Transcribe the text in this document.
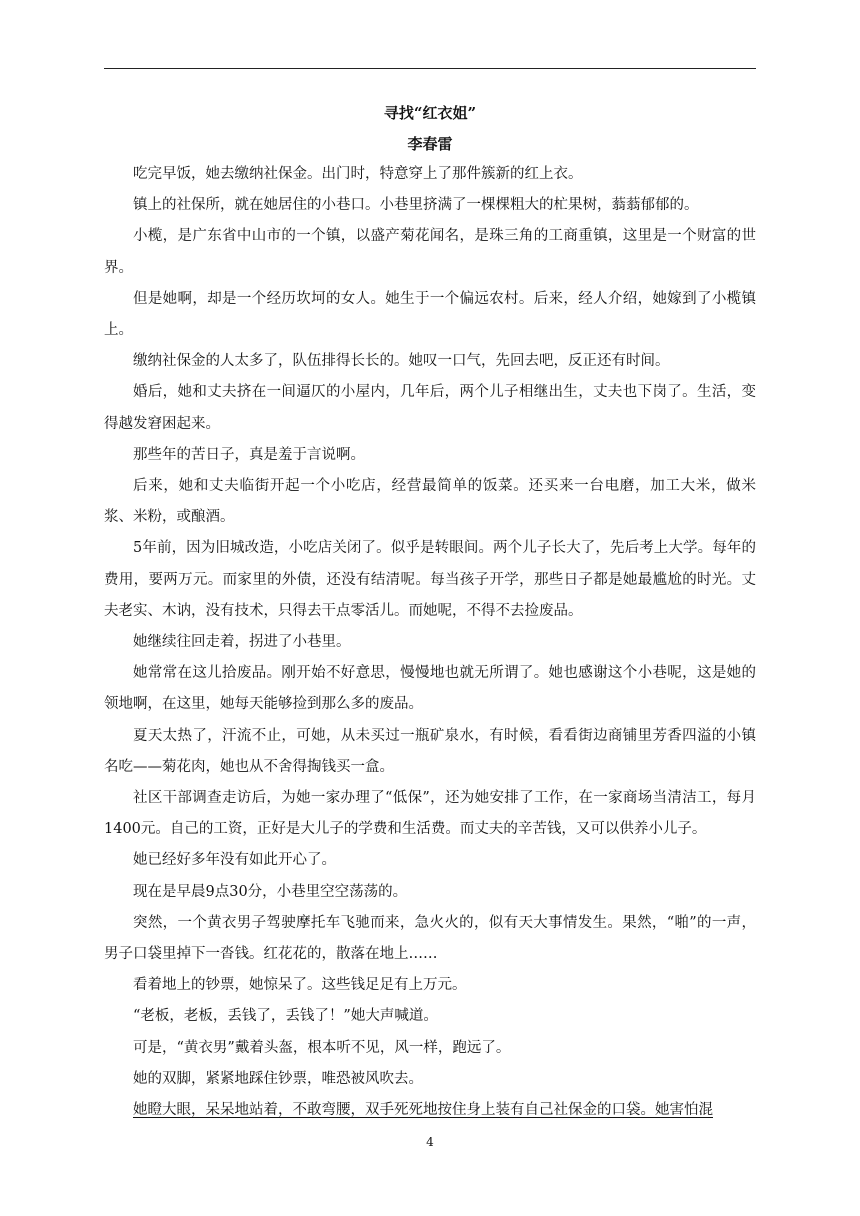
寻找“红衣姐”
李春雷

吃完早饭，她去缴纳社保金。出门时，特意穿上了那件簇新的红上衣。

镇上的社保所，就在她居住的小巷口。小巷里挤满了一棵棵粗大的杧果树，蓊蓊郁郁的。

小榄，是广东省中山市的一个镇，以盛产菊花闻名，是珠三角的工商重镇，这里是一个财富的世界。

但是她啊，却是一个经历坎坷的女人。她生于一个偏远农村。后来，经人介绍，她嫁到了小榄镇上。

缴纳社保金的人太多了，队伍排得长长的。她叹一口气，先回去吧，反正还有时间。

婚后，她和丈夫挤在一间逼仄的小屋内，几年后，两个儿子相继出生，丈夫也下岗了。生活，变得越发窘困起来。

那些年的苦日子，真是羞于言说啊。

后来，她和丈夫临街开起一个小吃店，经营最简单的饭菜。还买来一台电磨，加工大米，做米浆、米粉，或酿酒。

5年前，因为旧城改造，小吃店关闭了。似乎是转眼间。两个儿子长大了，先后考上大学。每年的费用，要两万元。而家里的外债，还没有结清呢。每当孩子开学，那些日子都是她最尴尬的时光。丈夫老实、木讷，没有技术，只得去干点零活儿。而她呢，不得不去捡废品。

她继续往回走着，拐进了小巷里。

她常常在这儿拾废品。刚开始不好意思，慢慢地也就无所谓了。她也感谢这个小巷呢，这是她的领地啊，在这里，她每天能够捡到那么多的废品。

夏天太热了，汗流不止，可她，从未买过一瓶矿泉水，有时候，看看街边商铺里芳香四溢的小镇名吃——菊花肉，她也从不舍得掏钱买一盒。

社区干部调查走访后，为她一家办理了“低保”，还为她安排了工作，在一家商场当清洁工，每月1400元。自己的工资，正好是大儿子的学费和生活费。而丈夫的辛苦钱，又可以供养小儿子。

她已经好多年没有如此开心了。

现在是早晨9点30分，小巷里空空荡荡的。

突然，一个黄衣男子驾驶摩托车飞驰而来，急火火的，似有天大事情发生。果然，“啪”的一声，男子口袋里掉下一沓钱。红花花的，散落在地上……

看着地上的钞票，她惊呆了。这些钱足足有上万元。

“老板，老板，丢钱了，丢钱了！”她大声喊道。

可是，“黄衣男”戴着头盔，根本听不见，风一样，跑远了。

她的双脚，紧紧地踩住钞票，唯恐被风吹去。

她瞪大眼，呆呆地站着，不敢弯腰，双手死死地按住身上装有自己社保金的口袋。她害怕混

4
